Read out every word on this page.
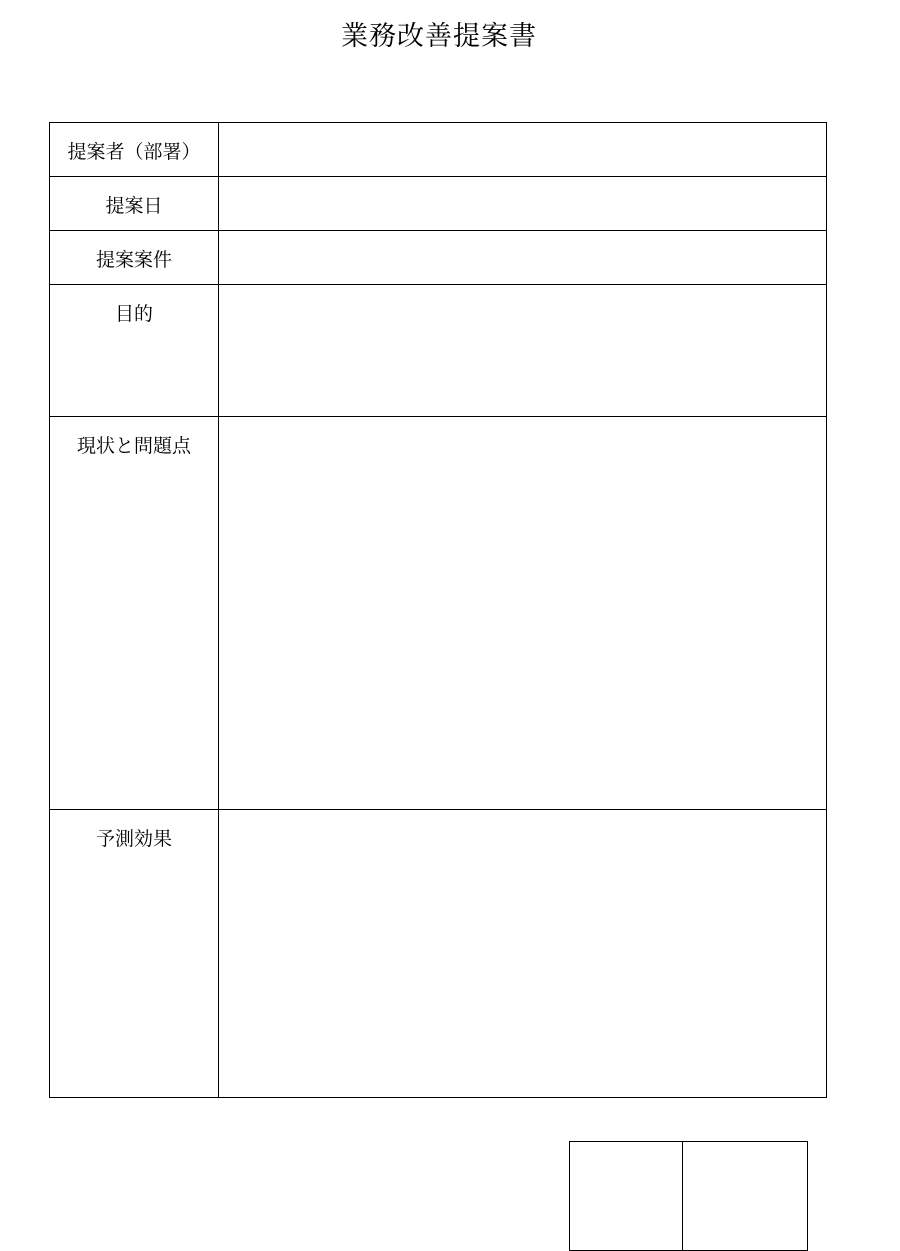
業務改善提案書
提案者（部署）	
提案日	
提案案件	
目的	
現状と問題点	
予測効果	
